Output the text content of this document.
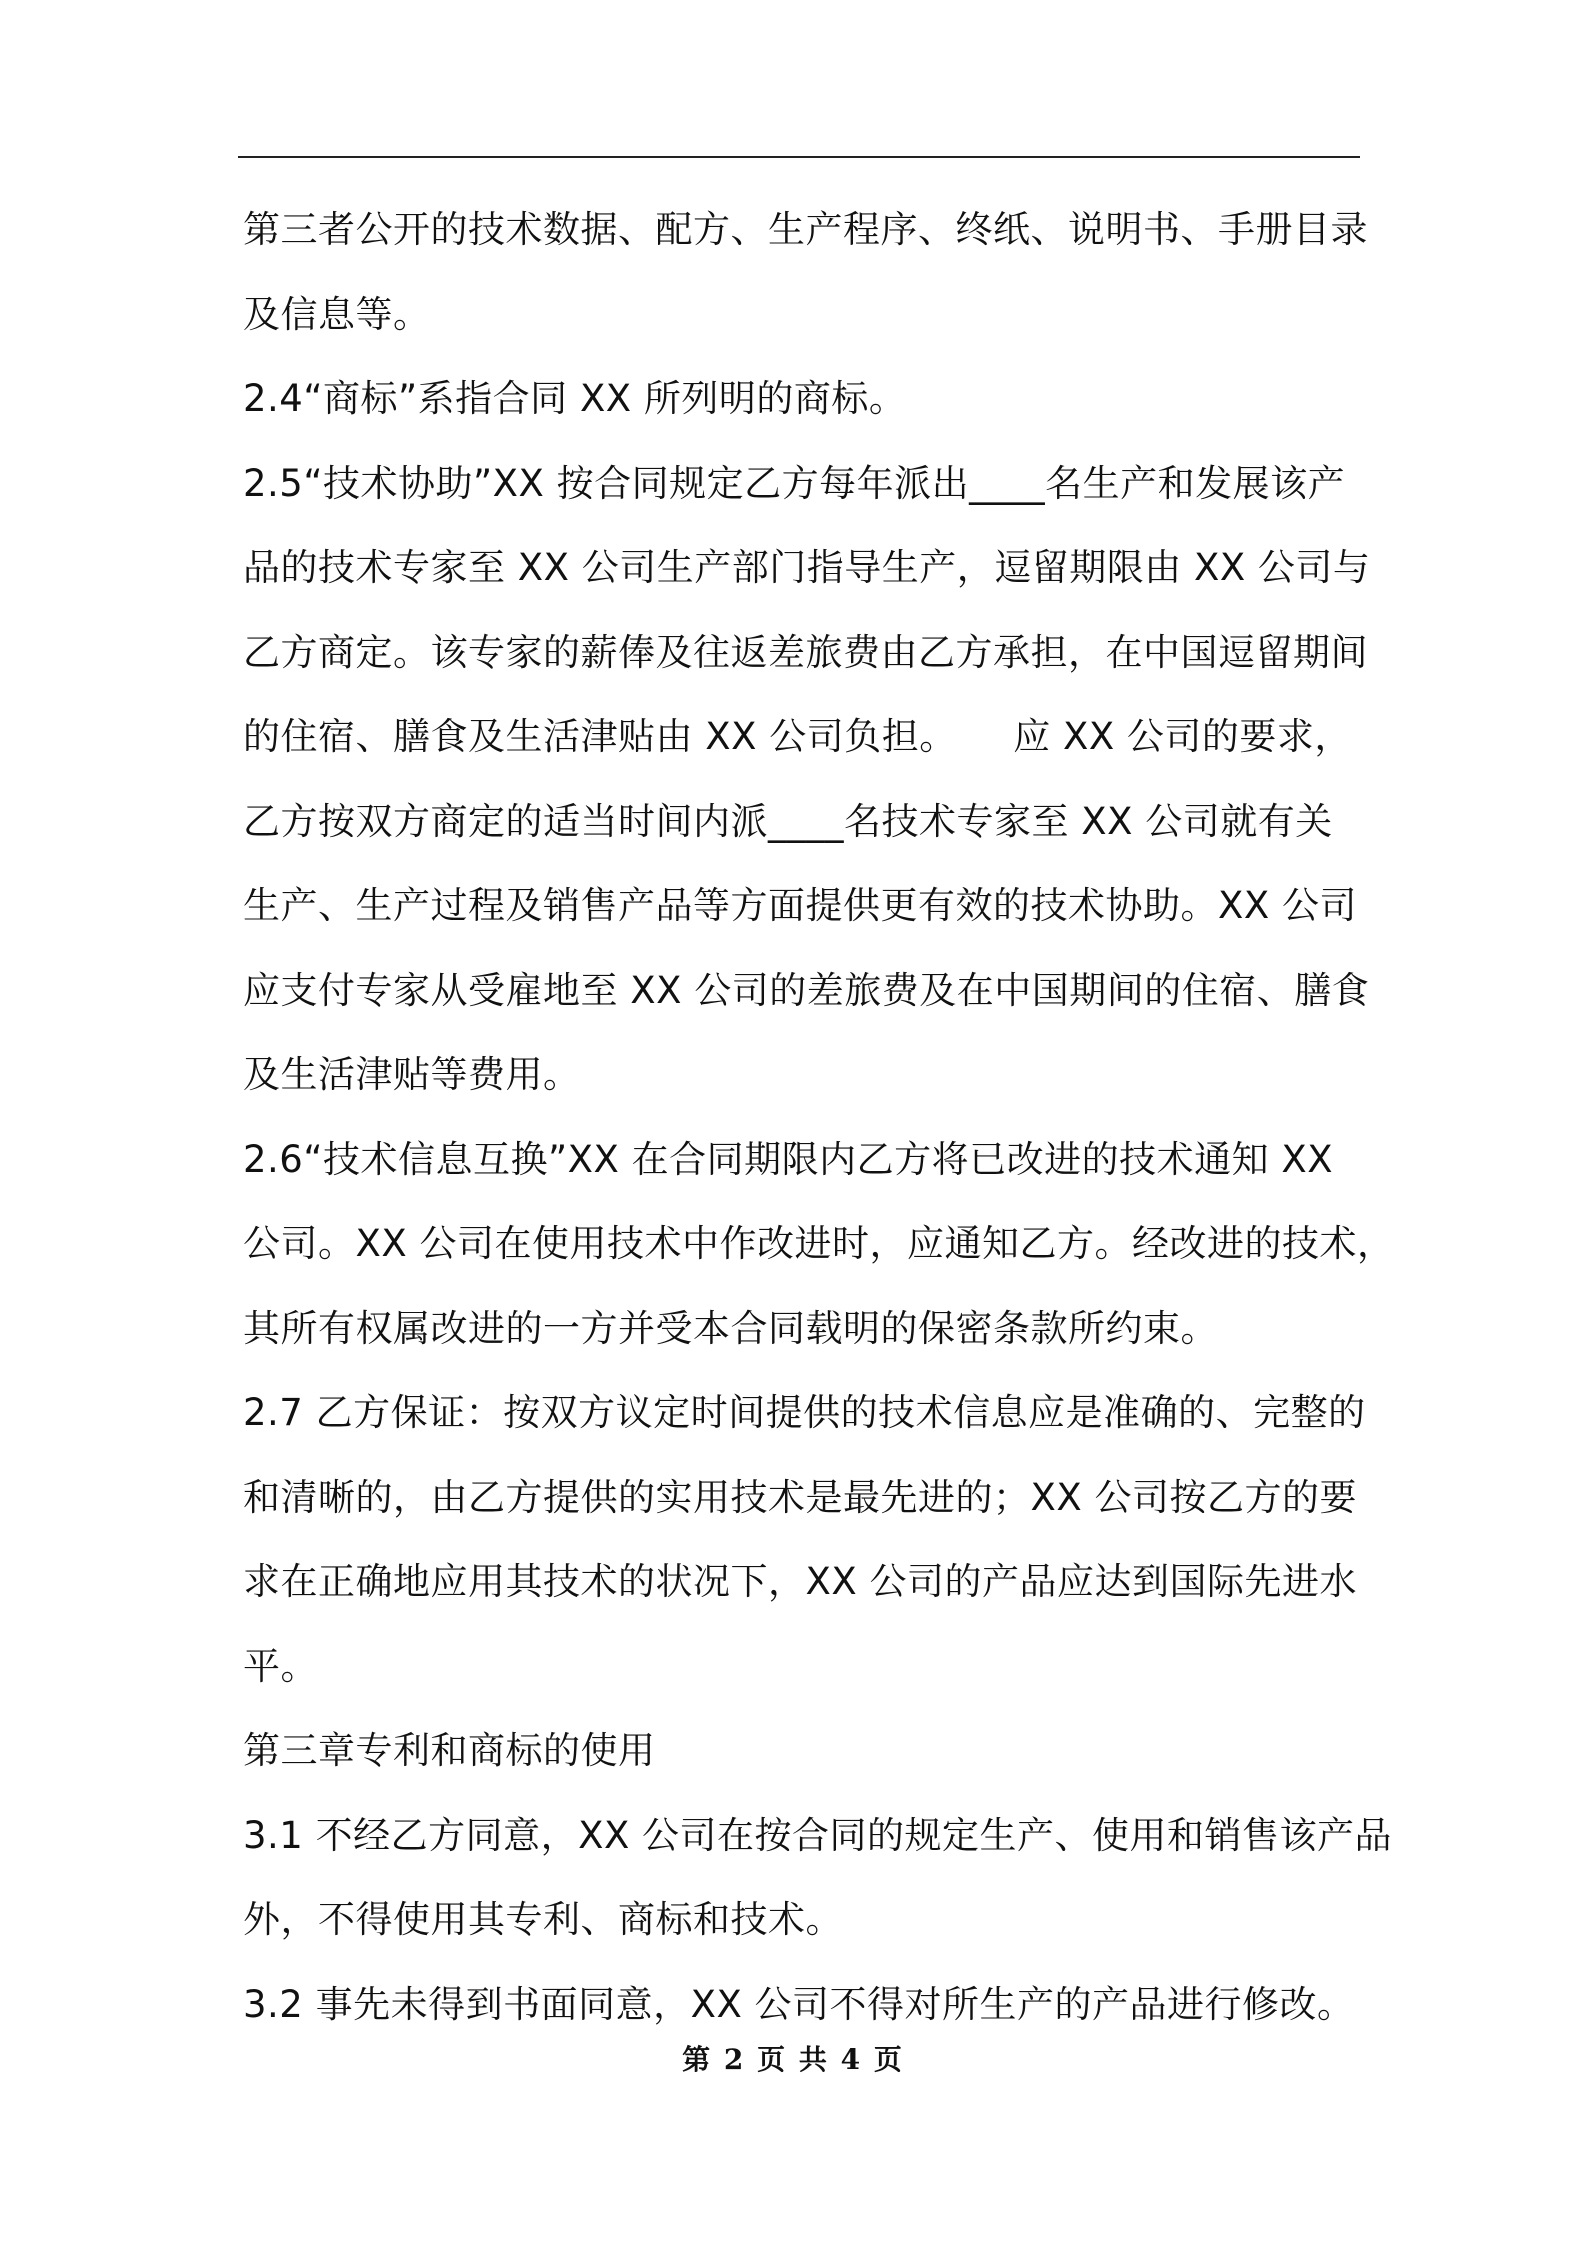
第三者公开的技术数据、配方、生产程序、终纸、说明书、手册目录
及信息等。
2.4“商标”系指合同 XX 所列明的商标。
2.5“技术协助”XX 按合同规定乙方每年派出____名生产和发展该产
品的技术专家至 XX 公司生产部门指导生产，逗留期限由 XX 公司与
乙方商定。该专家的薪俸及往返差旅费由乙方承担，在中国逗留期间
的住宿、膳食及生活津贴由 XX 公司负担。　　应 XX 公司的要求，
乙方按双方商定的适当时间内派____名技术专家至 XX 公司就有关
生产、生产过程及销售产品等方面提供更有效的技术协助。XX 公司
应支付专家从受雇地至 XX 公司的差旅费及在中国期间的住宿、膳食
及生活津贴等费用。
2.6“技术信息互换”XX 在合同期限内乙方将已改进的技术通知 XX
公司。XX 公司在使用技术中作改进时，应通知乙方。经改进的技术，
其所有权属改进的一方并受本合同载明的保密条款所约束。
2.7 乙方保证：按双方议定时间提供的技术信息应是准确的、完整的
和清晰的，由乙方提供的实用技术是最先进的；XX 公司按乙方的要
求在正确地应用其技术的状况下，XX 公司的产品应达到国际先进水
平。
第三章专利和商标的使用
3.1 不经乙方同意，XX 公司在按合同的规定生产、使用和销售该产品
外，不得使用其专利、商标和技术。
3.2 事先未得到书面同意，XX 公司不得对所生产的产品进行修改。
第 2 页 共 4 页
